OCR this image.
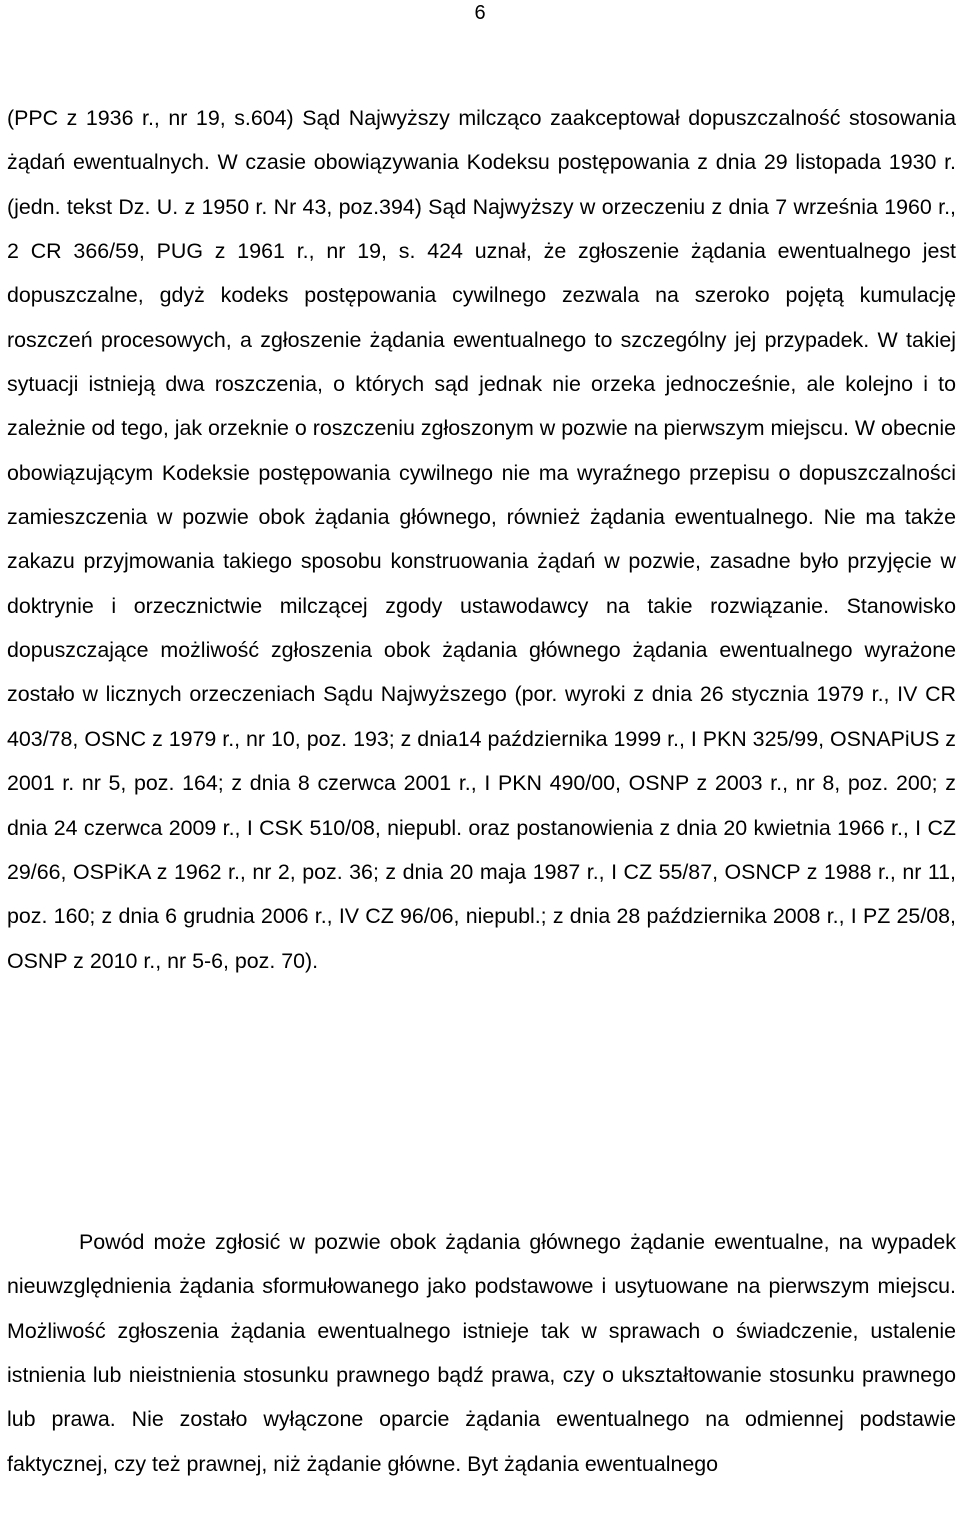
6

(PPC z 1936 r., nr 19, s.604) Sąd Najwyższy milcząco zaakceptował dopuszczalność stosowania żądań ewentualnych. W czasie obowiązywania Kodeksu postępowania z dnia 29 listopada 1930 r. (jedn. tekst Dz. U. z 1950 r. Nr 43, poz.394) Sąd Najwyższy w orzeczeniu z dnia 7 września 1960 r., 2 CR 366/59, PUG z 1961 r., nr 19, s. 424 uznał, że zgłoszenie żądania ewentualnego jest dopuszczalne, gdyż kodeks postępowania cywilnego zezwala na szeroko pojętą kumulację roszczeń procesowych, a zgłoszenie żądania ewentualnego to szczególny jej przypadek. W takiej sytuacji istnieją dwa roszczenia, o których sąd jednak nie orzeka jednocześnie, ale kolejno i to zależnie od tego, jak orzeknie o roszczeniu zgłoszonym w pozwie na pierwszym miejscu. W obecnie obowiązującym Kodeksie postępowania cywilnego nie ma wyraźnego przepisu o dopuszczalności zamieszczenia w pozwie obok żądania głównego, również żądania ewentualnego. Nie ma także zakazu przyjmowania takiego sposobu konstruowania żądań w pozwie, zasadne było przyjęcie w doktrynie i orzecznictwie milczącej zgody ustawodawcy na takie rozwiązanie. Stanowisko dopuszczające możliwość zgłoszenia obok żądania głównego żądania ewentualnego wyrażone zostało w licznych orzeczeniach Sądu Najwyższego (por. wyroki z dnia 26 stycznia 1979 r., IV CR 403/78, OSNC z 1979 r., nr 10, poz. 193; z dnia14 października 1999 r., I PKN 325/99, OSNAPiUS z 2001 r. nr 5, poz. 164; z dnia 8 czerwca 2001 r., I PKN 490/00, OSNP z 2003 r., nr 8, poz. 200; z dnia 24 czerwca 2009 r., I CSK 510/08, niepubl. oraz postanowienia z dnia 20 kwietnia 1966 r., I CZ 29/66, OSPiKA z 1962 r., nr 2, poz. 36; z dnia 20 maja 1987 r., I CZ 55/87, OSNCP z 1988 r., nr 11, poz. 160; z dnia 6 grudnia 2006 r., IV CZ 96/06, niepubl.; z dnia 28 października 2008 r., I PZ 25/08, OSNP z 2010 r., nr 5-6, poz. 70).

Powód może zgłosić w pozwie obok żądania głównego żądanie ewentualne, na wypadek nieuwzględnienia żądania sformułowanego jako podstawowe i usytuowane na pierwszym miejscu. Możliwość zgłoszenia żądania ewentualnego istnieje tak w sprawach o świadczenie, ustalenie istnienia lub nieistnienia stosunku prawnego bądź prawa, czy o ukształtowanie stosunku prawnego lub prawa. Nie zostało wyłączone oparcie żądania ewentualnego na odmiennej podstawie faktycznej, czy też prawnej, niż żądanie główne. Byt żądania ewentualnego
